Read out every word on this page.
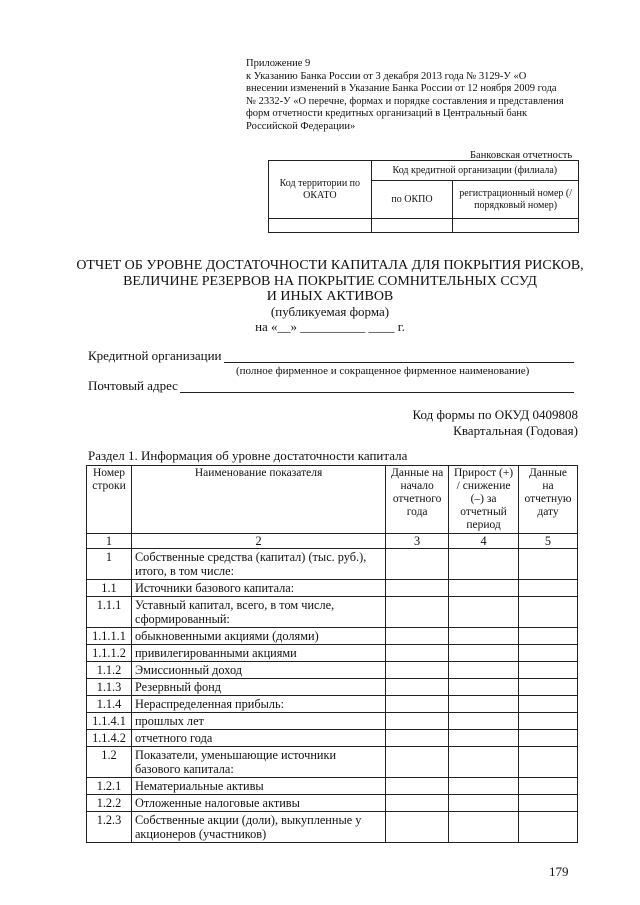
Приложение 9
к Указанию Банка России от 3 декабря 2013 года № 3129-У «О
внесении изменений в Указание Банка России от 12 ноября 2009 года
№ 2332-У «О перечне, формах и порядке составления и представления
форм отчетности кредитных организаций в Центральный банк
Российской Федерации»
Банковская отчетность
Код территории по ОКАТО	Код кредитной организации (филиала)	
	по ОКПО	регистрационный номер (/порядковый номер)

ОТЧЕТ ОБ УРОВНЕ ДОСТАТОЧНОСТИ КАПИТАЛА ДЛЯ ПОКРЫТИЯ РИСКОВ,
ВЕЛИЧИНЕ РЕЗЕРВОВ НА ПОКРЫТИЕ СОМНИТЕЛЬНЫХ ССУД
И ИНЫХ АКТИВОВ
(публикуемая форма)
на «__» __________ ____ г.
Кредитной организации
(полное фирменное и сокращенное фирменное наименование)
Почтовый адрес
Код формы по ОКУД 0409808
Квартальная (Годовая)
Раздел 1. Информация об уровне достаточности капитала
Номер строки	Наименование показателя	Данные на начало отчетного года	Прирост (+) / снижение (–) за отчетный период	Данные на отчетную дату
1	2	3	4	5
1	Собственные средства (капитал) (тыс. руб.), итого, в том числе:			
1.1	Источники базового капитала:			
1.1.1	Уставный капитал, всего, в том числе, сформированный:			
1.1.1.1	обыкновенными акциями (долями)			
1.1.1.2	привилегированными акциями			
1.1.2	Эмиссионный доход			
1.1.3	Резервный фонд			
1.1.4	Нераспределенная прибыль:			
1.1.4.1	прошлых лет			
1.1.4.2	отчетного года			
1.2	Показатели, уменьшающие источники базового капитала:			
1.2.1	Нематериальные активы			
1.2.2	Отложенные налоговые активы			
1.2.3	Собственные акции (доли), выкупленные у акционеров (участников)			
179
